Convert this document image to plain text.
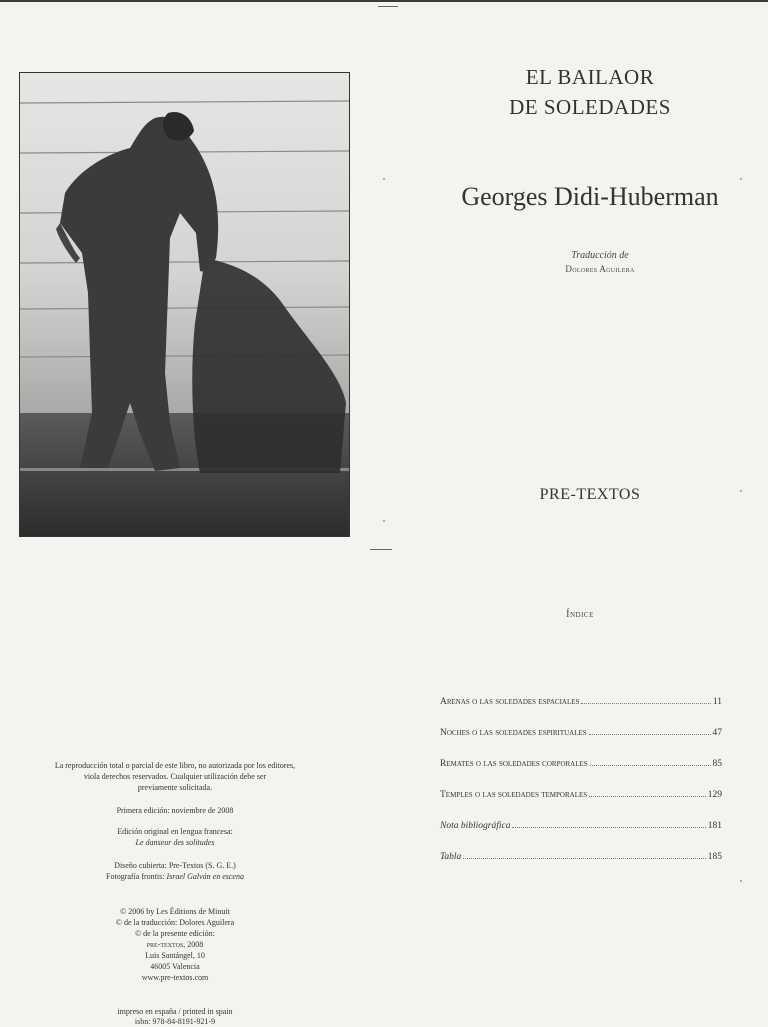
EL BAILAOR
DE SOLEDADES
Georges Didi-Huberman
Traducción de
Dolores Aguilera
PRE-TEXTOS
Índice
Arenas o las soledades espaciales	11
Noches o las soledades espirituales	47
Remates o las soledades corporales	85
Temples o las soledades temporales	129
Nota bibliográfica	181
Tabla	185
La reproducción total o parcial de este libro, no autorizada por los editores,
viola derechos reservados. Cualquier utilización debe ser
previamente solicitada.
Primera edición: noviembre de 2008
Edición original en lengua francesa:
Le danseur des solitudes
Diseño cubierta: Pre-Textos (S. G. E.)
Fotografía frontis: Israel Galván en escena
© 2006 by Les Éditions de Minuit
© de la traducción: Dolores Aguilera
© de la presente edición:
pre-textos, 2008
Luis Santángel, 10
46005 Valencia
www.pre-textos.com
impreso en españa / printed in spain
isbn: 978-84-8191-921-9
